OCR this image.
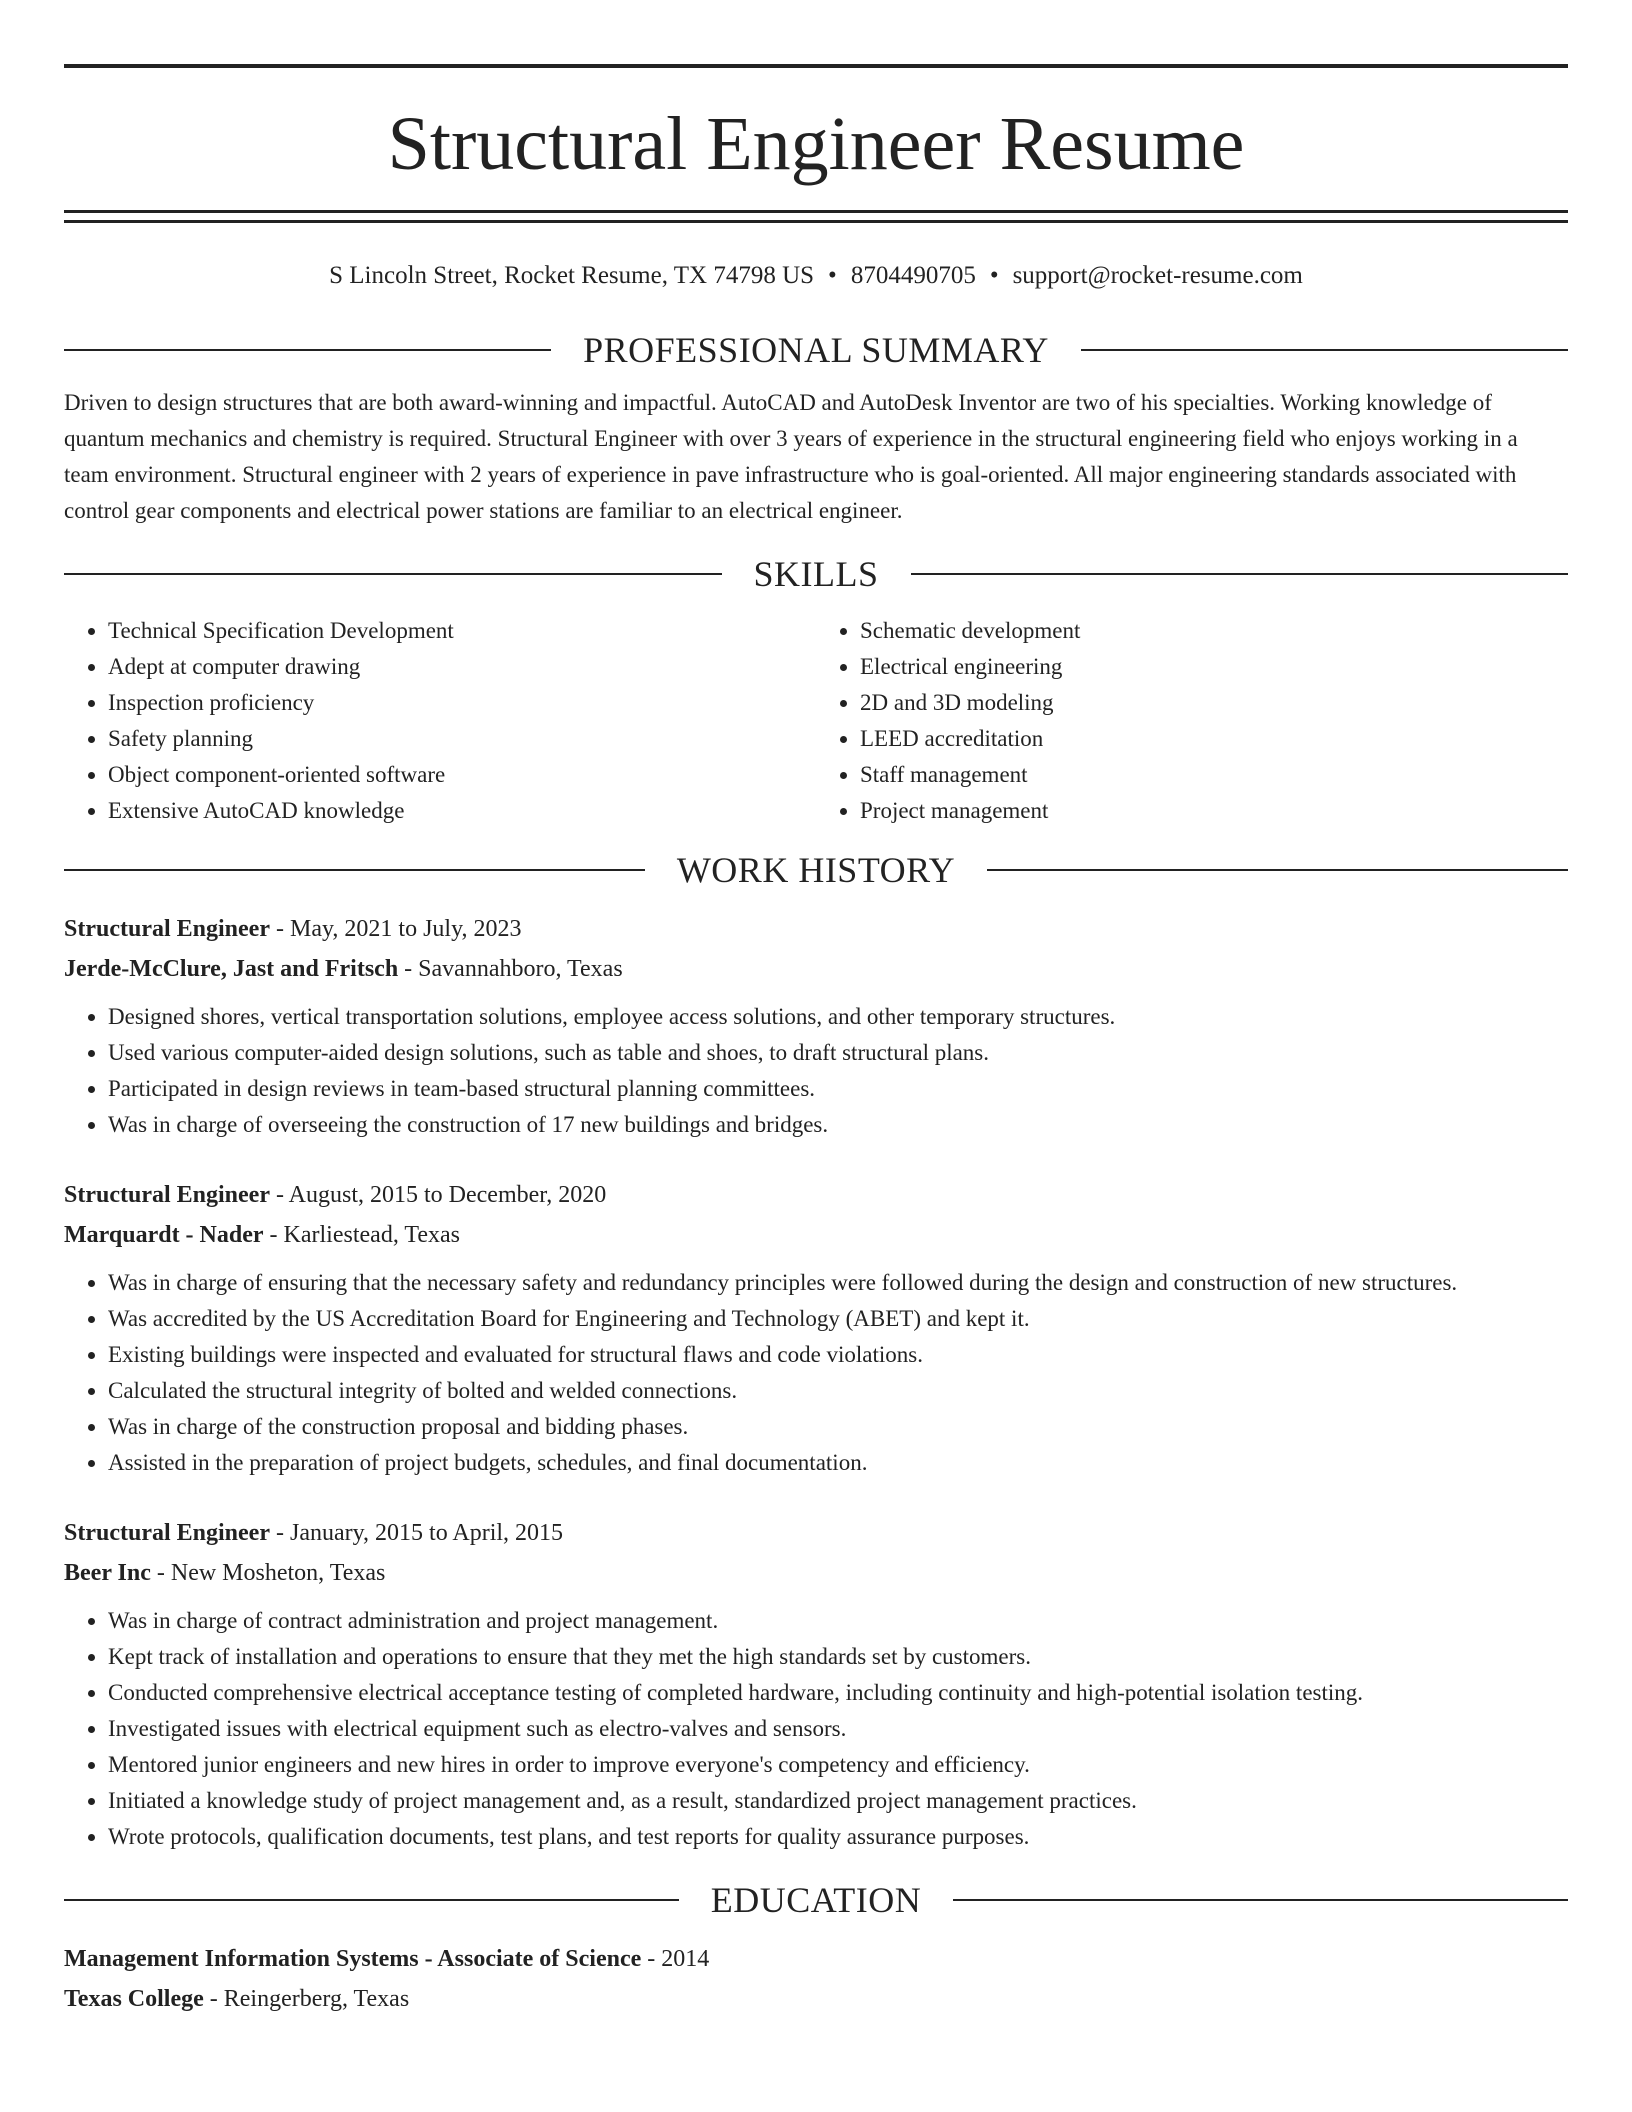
Structural Engineer Resume
S Lincoln Street, Rocket Resume, TX 74798 US • 8704490705 • support@rocket-resume.com
PROFESSIONAL SUMMARY

Driven to design structures that are both award-winning and impactful. AutoCAD and AutoDesk Inventor are two of his specialties. Working knowledge of quantum mechanics and chemistry is required. Structural Engineer with over 3 years of experience in the structural engineering field who enjoys working in a team environment. Structural engineer with 2 years of experience in pave infrastructure who is goal-oriented. All major engineering standards associated with control gear components and electrical power stations are familiar to an electrical engineer.

SKILLS
• Technical Specification Development
• Adept at computer drawing
• Inspection proficiency
• Safety planning
• Object component-oriented software
• Extensive AutoCAD knowledge
• Schematic development
• Electrical engineering
• 2D and 3D modeling
• LEED accreditation
• Staff management
• Project management
WORK HISTORY
Structural Engineer - May, 2021 to July, 2023
Jerde-McClure, Jast and Fritsch - Savannahboro, Texas
• Designed shores, vertical transportation solutions, employee access solutions, and other temporary structures.
• Used various computer-aided design solutions, such as table and shoes, to draft structural plans.
• Participated in design reviews in team-based structural planning committees.
• Was in charge of overseeing the construction of 17 new buildings and bridges.
Structural Engineer - August, 2015 to December, 2020
Marquardt - Nader - Karliestead, Texas
• Was in charge of ensuring that the necessary safety and redundancy principles were followed during the design and construction of new structures.
• Was accredited by the US Accreditation Board for Engineering and Technology (ABET) and kept it.
• Existing buildings were inspected and evaluated for structural flaws and code violations.
• Calculated the structural integrity of bolted and welded connections.
• Was in charge of the construction proposal and bidding phases.
• Assisted in the preparation of project budgets, schedules, and final documentation.
Structural Engineer - January, 2015 to April, 2015
Beer Inc - New Mosheton, Texas
• Was in charge of contract administration and project management.
• Kept track of installation and operations to ensure that they met the high standards set by customers.
• Conducted comprehensive electrical acceptance testing of completed hardware, including continuity and high-potential isolation testing.
• Investigated issues with electrical equipment such as electro-valves and sensors.
• Mentored junior engineers and new hires in order to improve everyone's competency and efficiency.
• Initiated a knowledge study of project management and, as a result, standardized project management practices.
• Wrote protocols, qualification documents, test plans, and test reports for quality assurance purposes.
EDUCATION
Management Information Systems - Associate of Science - 2014
Texas College - Reingerberg, Texas
